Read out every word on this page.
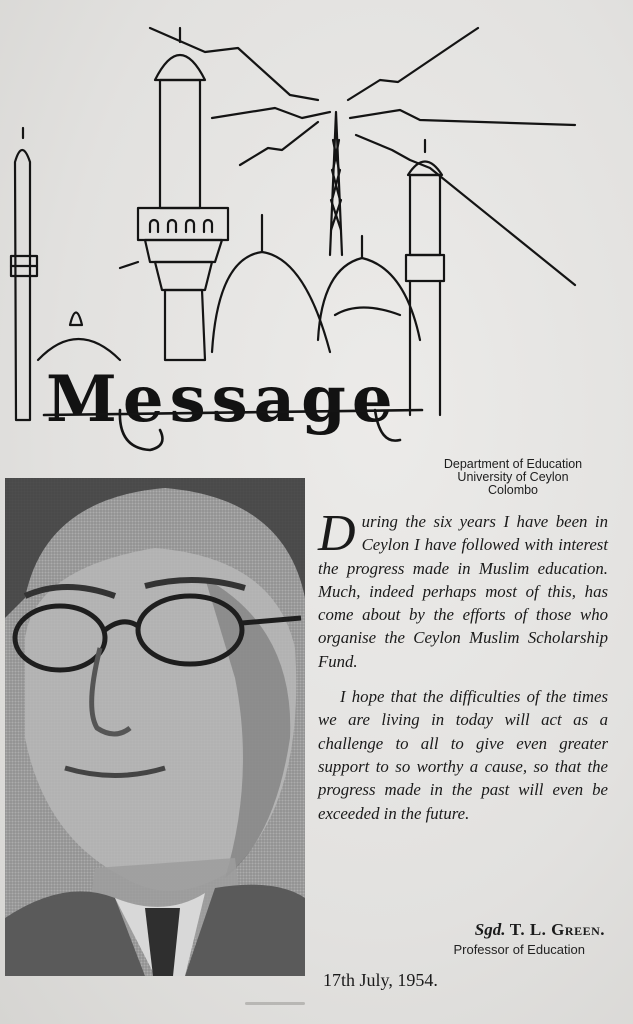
Message
Department of Education
University of Ceylon
Colombo

During the six years I have been in Ceylon I have followed with interest the progress made in Muslim education. Much, indeed perhaps most of this, has come about by the efforts of those who organise the Ceylon Muslim Scholarship Fund.

I hope that the difficulties of the times we are living in today will act as a challenge to all to give even greater support to so worthy a cause, so that the progress made in the past will even be exceeded in the future.

Sgd. T. L. Green.
Professor of Education
17th July, 1954.
